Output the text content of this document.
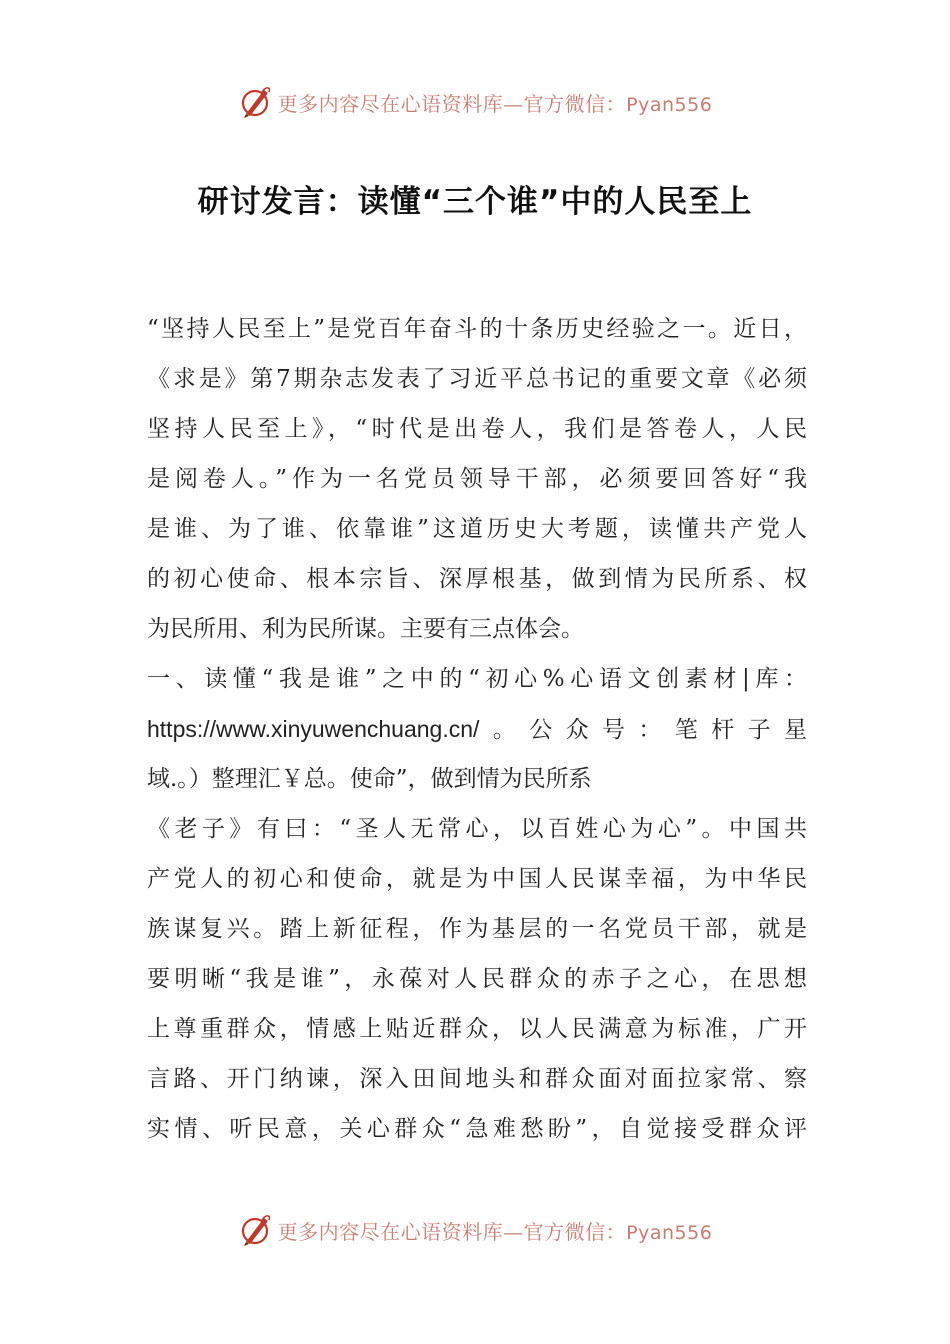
更多内容尽在心语资料库—官方微信：Pyan556
研讨发言：读懂“三个谁”中的人民至上
“坚持人民至上”是党百年奋斗的十条历史经验之一。近日，
《求是》第7期杂志发表了习近平总书记的重要文章《必须
坚持人民至上》，“时代是出卷人，我们是答卷人，人民
是阅卷人。”作为一名党员领导干部，必须要回答好“我
是谁、为了谁、依靠谁”这道历史大考题，读懂共产党人
的初心使命、根本宗旨、深厚根基，做到情为民所系、权
为民所用、利为民所谋。主要有三点体会。
一、读懂“我是谁”之中的“初心%心语文创素材|库：
https://www.xinyuwenchuang.cn/。公众号：笔杆子星
域.。）整理汇￥总。使命”，做到情为民所系
《老子》有曰：“圣人无常心，以百姓心为心”。中国共
产党人的初心和使命，就是为中国人民谋幸福，为中华民
族谋复兴。踏上新征程，作为基层的一名党员干部，就是
要明晰“我是谁”，永葆对人民群众的赤子之心，在思想
上尊重群众，情感上贴近群众，以人民满意为标准，广开
言路、开门纳谏，深入田间地头和群众面对面拉家常、察
实情、听民意，关心群众“急难愁盼”，自觉接受群众评
更多内容尽在心语资料库—官方微信：Pyan556
